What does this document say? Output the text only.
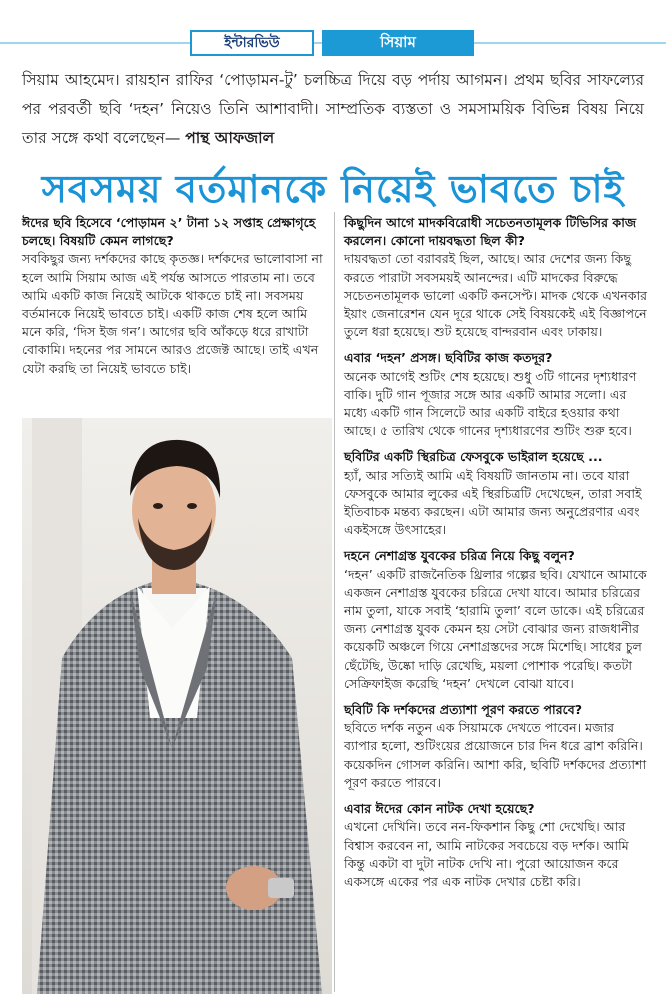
ইন্টারভিউ	সিয়াম
সিয়াম আহমেদ। রায়হান রাফির ‘পোড়ামন-টু’ চলচ্চিত্র দিয়ে বড় পর্দায় আগমন। প্রথম ছবির সাফল্যের পর পরবর্তী ছবি ‘দহন’ নিয়েও তিনি আশাবাদী। সাম্প্রতিক ব্যস্ততা ও সমসাময়িক বিভিন্ন বিষয় নিয়ে তার সঙ্গে কথা বলেছেন— পান্থ আফজাল
সবসময় বর্তমানকে নিয়েই ভাবতে চাই

ঈদের ছবি হিসেবে ‘পোড়ামন ২’ টানা ১২ সপ্তাহ প্রেক্ষাগৃহে চলছে। বিষয়টি কেমন লাগছে?

সবকিছুর জন্য দর্শকদের কাছে কৃতজ্ঞ। দর্শকদের ভালোবাসা না হলে আমি সিয়াম আজ এই পর্যন্ত আসতে পারতাম না। তবে আমি একটি কাজ নিয়েই আটকে থাকতে চাই না। সবসময় বর্তমানকে নিয়েই ভাবতে চাই। একটি কাজ শেষ হলে আমি মনে করি, ‘দিস ইজ গন’। আগের ছবি আঁকড়ে ধরে রাখাটা বোকামি। দহনের পর সামনে আরও প্রজেক্ট আছে। তাই এখন যেটা করছি তা নিয়েই ভাবতে চাই।

কিছুদিন আগে মাদকবিরোধী সচেতনতামূলক টিভিসির কাজ করলেন। কোনো দায়বদ্ধতা ছিল কী?

দায়বদ্ধতা তো বরাবরই ছিল, আছে। আর দেশের জন্য কিছু করতে পারাটা সবসময়ই আনন্দের। এটি মাদকের বিরুদ্ধে সচেতনতামূলক ভালো একটি কনসেপ্ট। মাদক থেকে এখনকার ইয়াং জেনারেশন যেন দূরে থাকে সেই বিষয়কেই এই বিজ্ঞাপনে তুলে ধরা হয়েছে। শুট হয়েছে বান্দরবান এবং ঢাকায়।

এবার ‘দহন’ প্রসঙ্গ। ছবিটির কাজ কতদূর?

অনেক আগেই শুটিং শেষ হয়েছে। শুধু ৩টি গানের দৃশ্যধারণ বাকি। দুটি গান পূজার সঙ্গে আর একটি আমার সলো। এর মধ্যে একটি গান সিলেটে আর একটি বাইরে হওয়ার কথা আছে। ৫ তারিখ থেকে গানের দৃশ্যধারণের শুটিং শুরু হবে।

ছবিটির একটি স্থিরচিত্র ফেসবুকে ভাইরাল হয়েছে ...

হ্যাঁ, আর সত্যিই আমি এই বিষয়টি জানতাম না। তবে যারা ফেসবুকে আমার লুকের এই স্থিরচিত্রটি দেখেছেন, তারা সবাই ইতিবাচক মন্তব্য করছেন। এটা আমার জন্য অনুপ্রেরণার এবং একইসঙ্গে উৎসাহের।

দহনে নেশাগ্রস্ত যুবকের চরিত্র নিয়ে কিছু বলুন?

‘দহন’ একটি রাজনৈতিক থ্রিলার গল্পের ছবি। যেখানে আমাকে একজন নেশাগ্রস্ত যুবকের চরিত্রে দেখা যাবে। আমার চরিত্রের নাম তুলা, যাকে সবাই ‘হারামি তুলা’ বলে ডাকে। এই চরিত্রের জন্য নেশাগ্রস্ত যুবক কেমন হয় সেটা বোঝার জন্য রাজধানীর কয়েকটি অঞ্চলে গিয়ে নেশাগ্রস্তদের সঙ্গে মিশেছি। সাধের চুল ছেঁটেছি, উষ্কো দাড়ি রেখেছি, ময়লা পোশাক পরেছি। কতটা সেক্রিফাইজ করেছি ‘দহন’ দেখলে বোঝা যাবে।

ছবিটি কি দর্শকদের প্রত্যাশা পূরণ করতে পারবে?

ছবিতে দর্শক নতুন এক সিয়ামকে দেখতে পাবেন। মজার ব্যাপার হলো, শুটিংয়ের প্রয়োজনে চার দিন ধরে ব্রাশ করিনি। কয়েকদিন গোসল করিনি। আশা করি, ছবিটি দর্শকদের প্রত্যাশা পূরণ করতে পারবে।

এবার ঈদের কোন নাটক দেখা হয়েছে?

এখনো দেখিনি। তবে নন-ফিকশান কিছু শো দেখেছি। আর বিশ্বাস করবেন না, আমি নাটকের সবচেয়ে বড় দর্শক। আমি কিন্তু একটা বা দুটা নাটক দেখি না। পুরো আয়োজন করে একসঙ্গে একের পর এক নাটক দেখার চেষ্টা করি।
